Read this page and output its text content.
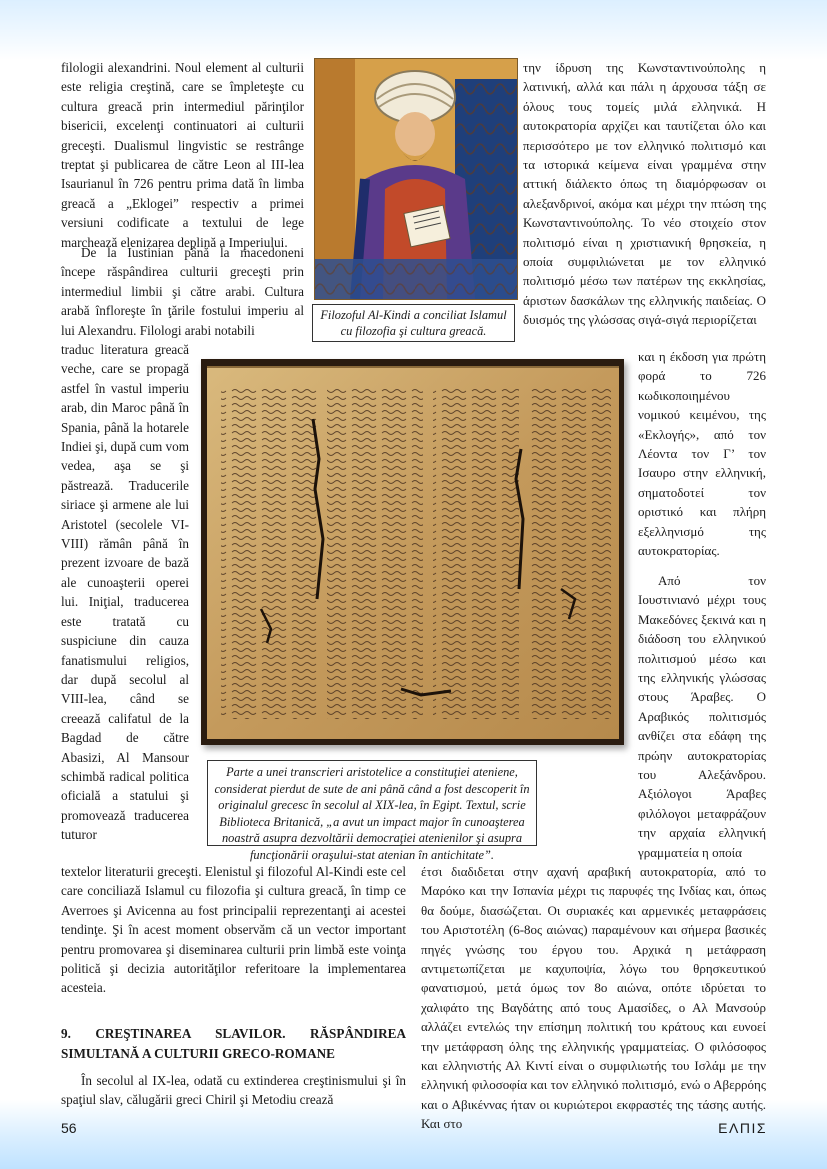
filologii alexandrini. Noul element al culturii este religia creştină, care se împleteşte cu cultura greacă prin intermediul părinţilor bisericii, excelenţi continuatori ai culturii greceşti. Dualismul lingvistic se restrânge treptat şi publicarea de către Leon al III-lea Isaurianul în 726 pentru prima dată în limba greacă a „Eklogei” respectiv a primei versiuni codificate a textului de lege marchează elenizarea deplină a Imperiului.

De la Iustinian până la macedoneni începe răspândirea culturii greceşti prin intermediul limbii şi către arabi. Cultura arabă înfloreşte în ţările fostului imperiu al lui Alexandru. Filologi arabi notabili

traduc literatura greacă veche, care se propagă astfel în vastul imperiu arab, din Maroc până în Spania, până la hotarele Indiei şi, după cum vom vedea, aşa se şi păstrează. Traducerile siriace şi armene ale lui Aristotel (secolele VI-VIII) rămân până în prezent izvoare de bază ale cunoaşterii operei lui. Iniţial, traducerea este tratată cu suspiciune din cauza fanatismului religios, dar după secolul al VIII-lea, când se creează califatul de la Bagdad de către Abasizi, Al Mansour schimbă radical politica oficială a statului şi promovează traducerea tuturor

textelor literaturii greceşti. Elenistul şi filozoful Al-Kindi este cel care conciliază Islamul cu filozofia şi cultura greacă, în timp ce Averroes şi Avicenna au fost principalii reprezentanţi ai acestei tendinţe. Şi în acest moment observăm că un vector important pentru promovarea şi diseminarea culturii prin limbă este voinţa politică şi decizia autorităţilor referitoare la implementarea acesteia.

9. CREŞTINAREA SLAVILOR. RĂSPÂNDIREA SIMULTANĂ A CULTURII GRECO-ROMANE

În secolul al IX-lea, odată cu extinderea creştinismului şi în spaţiul slav, călugării greci Chiril şi Metodiu crează

την ίδρυση της Κωνσταντινούπολης η λατινική, αλλά και πάλι η άρχουσα τάξη σε όλους τους τομείς μιλά ελληνικά. Η αυτοκρατορία αρχίζει και ταυτίζεται όλο και περισσότερο με τον ελληνικό πολιτισμό και τα ιστορικά κείμενα είναι γραμμένα στην αττική διάλεκτο όπως τη διαμόρφωσαν οι αλεξανδρινοί, ακόμα και μέχρι την πτώση της Κωνσταντινούπολης. Το νέο στοιχείο στον πολιτισμό είναι η χριστιανική θρησκεία, η οποία συμφιλιώνεται με τον ελληνικό πολιτισμό μέσω των πατέρων της εκκλησίας, άριστων δασκάλων της ελληνικής παιδείας. Ο δυισμός της γλώσσας σιγά-σιγά περιορίζεται

και η έκδοση για πρώτη φορά το 726 κωδικοποιημένου νομικού κειμένου, της «Εκλογής», από τον Λέοντα τον Γ’ τον Ισαυρο στην ελληνική, σηματοδοτεί τον οριστικό και πλήρη εξελληνισμό της αυτοκρατορίας.

Από τον Ιουστινιανό μέχρι τους Μακεδόνες ξεκινά και η διάδοση του ελληνικού πολιτισμού μέσω και της ελληνικής γλώσσας στους Άραβες. Ο Αραβικός πολιτισμός ανθίζει στα εδάφη της πρώην αυτοκρατορίας του Αλεξάνδρου. Αξιόλογοι Άραβες φιλόλογοι μεταφράζουν την αρχαία ελληνική γραμματεία η οποία

έτσι διαδιδεται στην αχανή αραβική αυτοκρατορία, από το Μαρόκο και την Ισπανία μέχρι τις παρυφές της Ινδίας και, όπως θα δούμε, διασώζεται. Οι συριακές και αρμενικές μεταφράσεις του Αριστοτέλη (6-8ος αιώνας) παραμένουν και σήμερα βασικές πηγές γνώσης του έργου του. Αρχικά η μετάφραση αντιμετωπίζεται με καχυποψία, λόγω του θρησκευτικού φανατισμού, μετά όμως τον 8ο αιώνα, οπότε ιδρύεται το χαλιφάτο της Βαγδάτης από τους Αμασίδες, ο Αλ Μανσούρ αλλάζει εντελώς την επίσημη πολιτική του κράτους και ευνοεί την μετάφραση όλης της ελληνικής γραμματείας. Ο φιλόσοφος και ελληνιστής Αλ Κιντί είναι ο συμφιλιωτής του Ισλάμ με την ελληνική φιλοσοφία και τον ελληνικό πολιτισμό, ενώ ο Αβερρόης και ο Αβικέννας ήταν οι κυριώτεροι εκφραστές της τάσης αυτής. Και στο

Filozoful Al-Kindi a conciliat Islamul cu filozofia şi cultura greacă.
Parte a unei transcrieri aristotelice a constituţiei ateniene, considerat pierdut de sute de ani până când a fost descoperit în originalul grecesc în secolul al XIX-lea, în Egipt. Textul, scrie Biblioteca Britanică, „a avut un impact major în cunoaşterea noastră asupra dezvoltării democraţiei atenienilor şi asupra funcţionării oraşului-stat atenian în antichitate”.
56	ΕΛΠΙΣ
